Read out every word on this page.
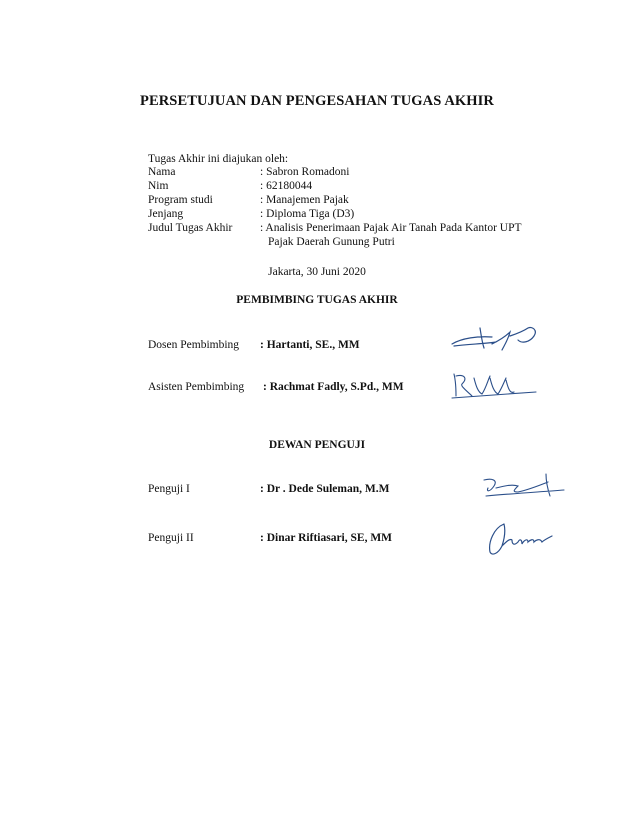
PERSETUJUAN DAN PENGESAHAN TUGAS AKHIR
Tugas Akhir ini diajukan oleh:
Nama	: Sabron Romadoni
Nim	: 62180044
Program studi	: Manajemen Pajak
Jenjang	: Diploma Tiga (D3)
Judul Tugas Akhir : Analisis Penerimaan Pajak Air Tanah Pada Kantor UPT
Pajak Daerah Gunung Putri
Jakarta, 30 Juni 2020
PEMBIMBING TUGAS AKHIR
Dosen Pembimbing : Hartanti, SE., MM
Asisten Pembimbing : Rachmat Fadly, S.Pd., MM
DEWAN PENGUJI
Penguji I	: Dr . Dede Suleman, M.M
Penguji II	: Dinar Riftiasari, SE, MM
